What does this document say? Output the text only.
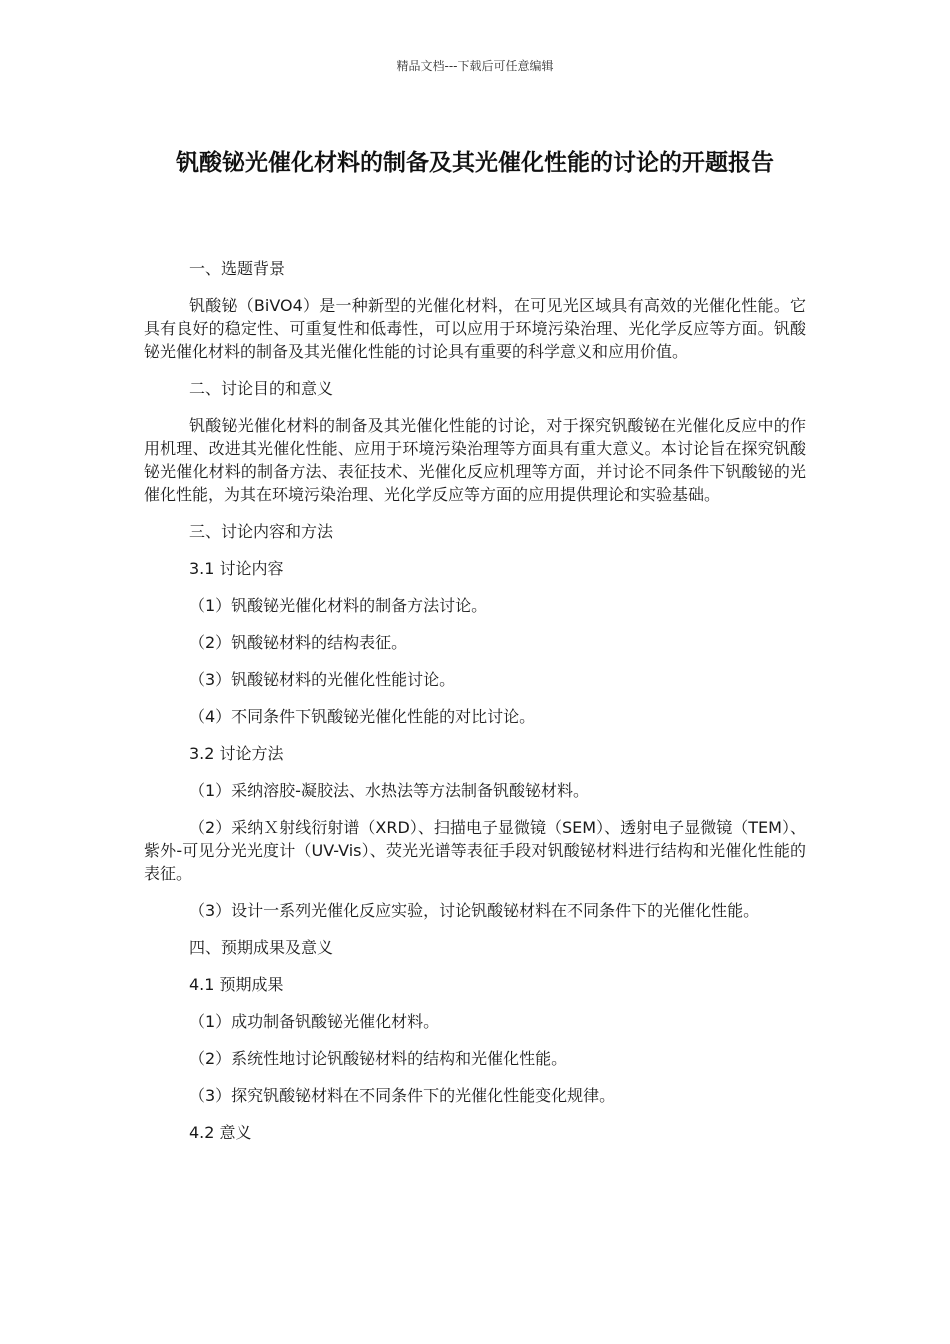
精品文档---下载后可任意编辑
钒酸铋光催化材料的制备及其光催化性能的讨论的开题报告

一、选题背景

钒酸铋（BiVO4）是一种新型的光催化材料，在可见光区域具有高效的光催化性能。它具有良好的稳定性、可重复性和低毒性，可以应用于环境污染治理、光化学反应等方面。钒酸铋光催化材料的制备及其光催化性能的讨论具有重要的科学意义和应用价值。

二、讨论目的和意义

钒酸铋光催化材料的制备及其光催化性能的讨论，对于探究钒酸铋在光催化反应中的作用机理、改进其光催化性能、应用于环境污染治理等方面具有重大意义。本讨论旨在探究钒酸铋光催化材料的制备方法、表征技术、光催化反应机理等方面，并讨论不同条件下钒酸铋的光催化性能，为其在环境污染治理、光化学反应等方面的应用提供理论和实验基础。

三、讨论内容和方法

3.1 讨论内容

（1）钒酸铋光催化材料的制备方法讨论。

（2）钒酸铋材料的结构表征。

（3）钒酸铋材料的光催化性能讨论。

（4）不同条件下钒酸铋光催化性能的对比讨论。

3.2 讨论方法

（1）采纳溶胶-凝胶法、水热法等方法制备钒酸铋材料。

（2）采纳Ｘ射线衍射谱（XRD）、扫描电子显微镜（SEM）、透射电子显微镜（TEM）、紫外-可见分光光度计（UV-Vis）、荧光光谱等表征手段对钒酸铋材料进行结构和光催化性能的表征。

（3）设计一系列光催化反应实验，讨论钒酸铋材料在不同条件下的光催化性能。

四、预期成果及意义

4.1 预期成果

（1）成功制备钒酸铋光催化材料。

（2）系统性地讨论钒酸铋材料的结构和光催化性能。

（3）探究钒酸铋材料在不同条件下的光催化性能变化规律。

4.2 意义
